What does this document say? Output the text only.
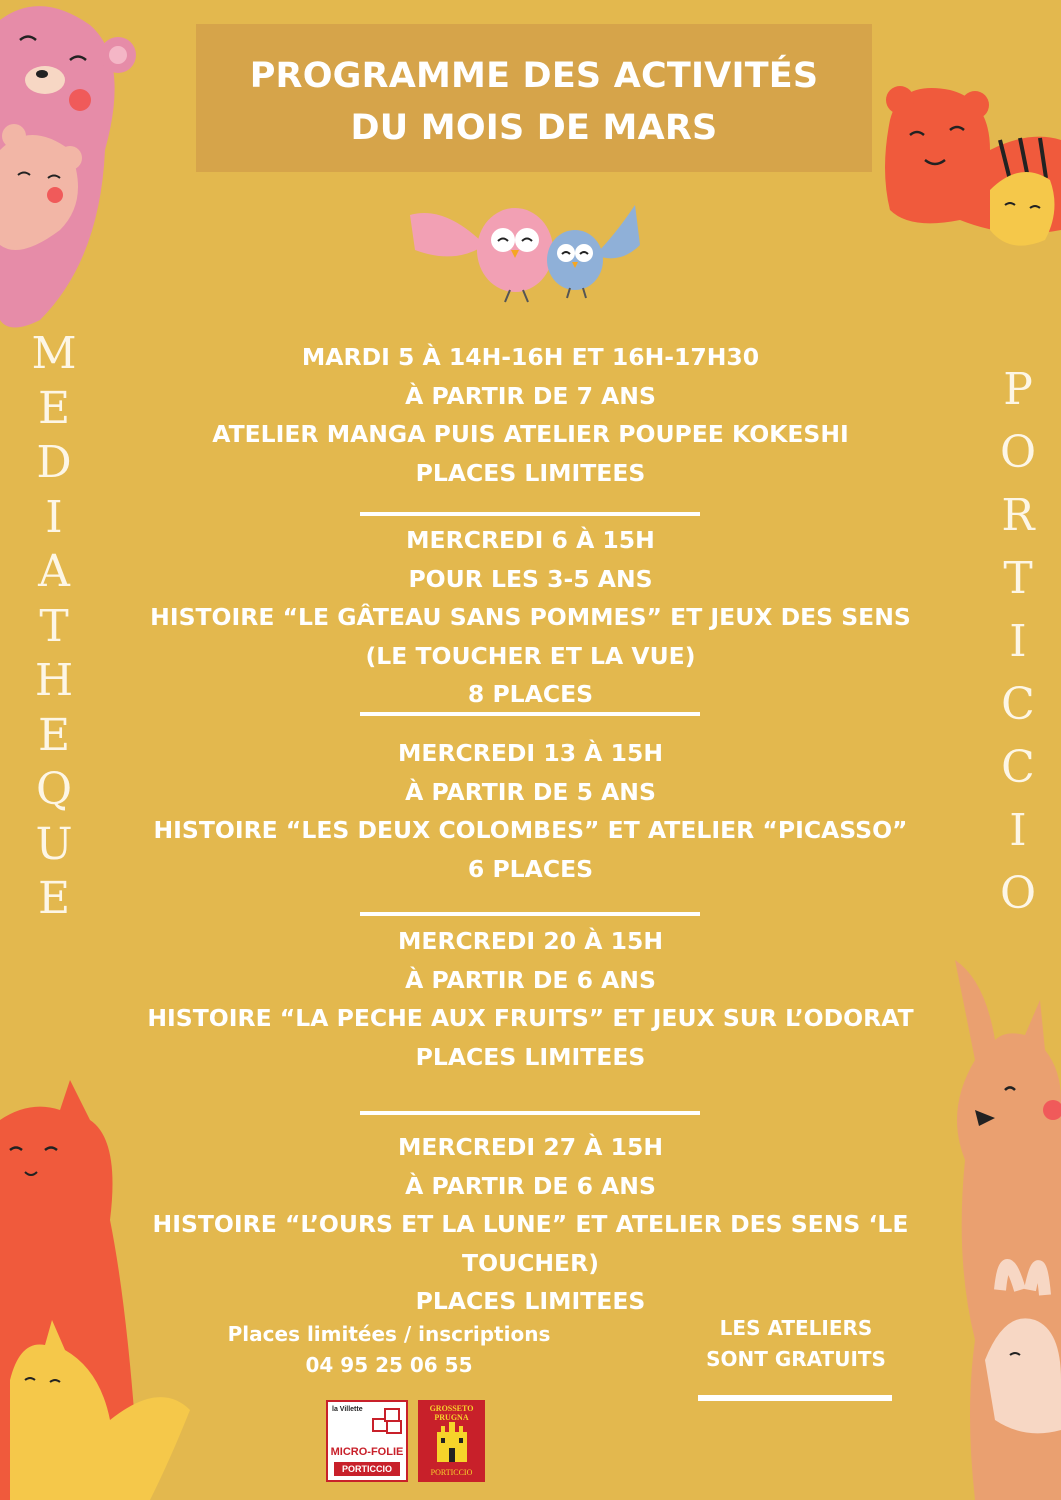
PROGRAMME DES ACTIVITÉS
DU MOIS DE MARS
M
E
D
I
A
T
H
E
Q
U
E
P
O
R
T
I
C
C
I
O
MARDI 5 À 14H-16H ET 16H-17H30
À PARTIR DE 7 ANS
ATELIER MANGA PUIS ATELIER POUPEE KOKESHI
PLACES LIMITEES
MERCREDI 6 À 15H
POUR LES 3-5 ANS
HISTOIRE “LE GÂTEAU SANS POMMES” ET JEUX DES SENS
(LE TOUCHER ET LA VUE)
8 PLACES
MERCREDI 13 À 15H
À PARTIR DE 5 ANS
HISTOIRE “LES DEUX COLOMBES” ET ATELIER “PICASSO”
6 PLACES
MERCREDI 20 À 15H
À PARTIR DE 6 ANS
HISTOIRE “LA PECHE AUX FRUITS” ET JEUX SUR L’ODORAT
PLACES LIMITEES
MERCREDI 27 À 15H
À PARTIR DE 6 ANS
HISTOIRE “L’OURS ET LA LUNE” ET ATELIER DES SENS ‘LE
TOUCHER)
PLACES LIMITEES
Places limitées / inscriptions
04 95 25 06 55
LES ATELIERS
SONT GRATUITS
la Villette
MICRO-FOLIE
PORTICCIO
GROSSETO PRUGNA
PORTICCIO
